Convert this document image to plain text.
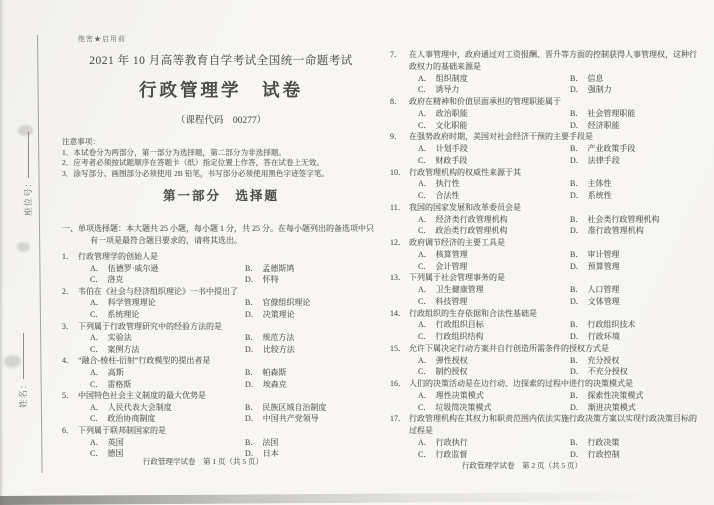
座位号：
姓名：
绝密★启用前
2021 年 10 月高等教育自学考试全国统一命题考试
行政管理学　试卷
（课程代码　00277）
注意事项：
1．本试卷分为两部分，第一部分为选择题，第二部分为非选择题。
2．应考者必须按试题顺序在答题卡（纸）指定位置上作答，答在试卷上无效。
3．涂写部分、画图部分必须使用 2B 铅笔，书写部分必须使用黑色字迹签字笔。
第一部分　选择题
一、单项选择题：本大题共 25 小题，每小题 1 分，共 25 分。在每小题列出的备选项中只有一项是最符合题目要求的，请将其选出。
1． 行政管理学的创始人是
A． 伍德罗·威尔逊	B． 孟德斯鸠
C． 洛克	D． 怀特
2． 韦伯在《社会与经济组织理论》一书中提出了
A． 科学管理理论	B． 官僚组织理论
C． 系统理论	D． 决策理论
3． 下列属于行政管理研究中的经验方法的是
A． 实验法	B． 规范方法
C． 案例方法	D． 比较方法
4． “融合-棱柱-衍射”行政模型的提出者是
A． 高斯	B． 帕森斯
C． 雷格斯	D． 埃森克
5． 中国特色社会主义制度的最大优势是
A． 人民代表大会制度	B． 民族区域自治制度
C． 政治协商制度	D． 中国共产党领导
6． 下列属于联邦制国家的是
A． 英国	B． 法国
C． 德国	D． 日本
7． 在人事管理中，政府通过对工资报酬、晋升等方面的控制获得人事管理权，这种行政权力的基础来源是
A． 组织制度	B． 信息
C． 诱导力	D． 强制力
8． 政府在精神和价值层面承担的管理职能属于
A． 政治职能	B． 社会管理职能
C． 文化职能	D． 经济职能
9． 在强势政府时期，美国对社会经济干预的主要手段是
A． 计划手段	B． 产业政策手段
C． 财政手段	D． 法律手段
10． 行政管理机构的权威性来源于其
A． 执行性	B． 主体性
C． 合法性	D． 系统性
11． 我国的国家发展和改革委员会是
A． 经济类行政管理机构	B． 社会类行政管理机构
C． 政治类行政管理机构	D． 准行政管理机构
12． 政府调节经济的主要工具是
A． 核算管理	B． 审计管理
C． 会计管理	D． 预算管理
13． 下列属于社会管理事务的是
A． 卫生健康管理	B． 人口管理
C． 科技管理	D． 文体管理
14． 行政组织的生存依据和合法性基础是
A． 行政组织目标	B． 行政组织技术
C． 行政组织结构	D． 行政环境
15． 允许下属决定行动方案并自行创造所需条件的授权方式是
A． 弹性授权	B． 充分授权
C． 制约授权	D． 不充分授权
16． 人们的决策活动是在边行动、边探索的过程中进行的决策模式是
A． 理性决策模式	B． 探索性决策模式
C． 垃圾筒决策模式	D． 渐进决策模式
17． 行政管理机构在其权力和职责范围内依法实施行政决策方案以实现行政决策目标的过程是
A． 行政执行	B． 行政决策
C． 行政监督	D． 行政控制
行政管理学试卷　第 1 页（共 5 页）	行政管理学试卷　第 2 页（共 5 页）
